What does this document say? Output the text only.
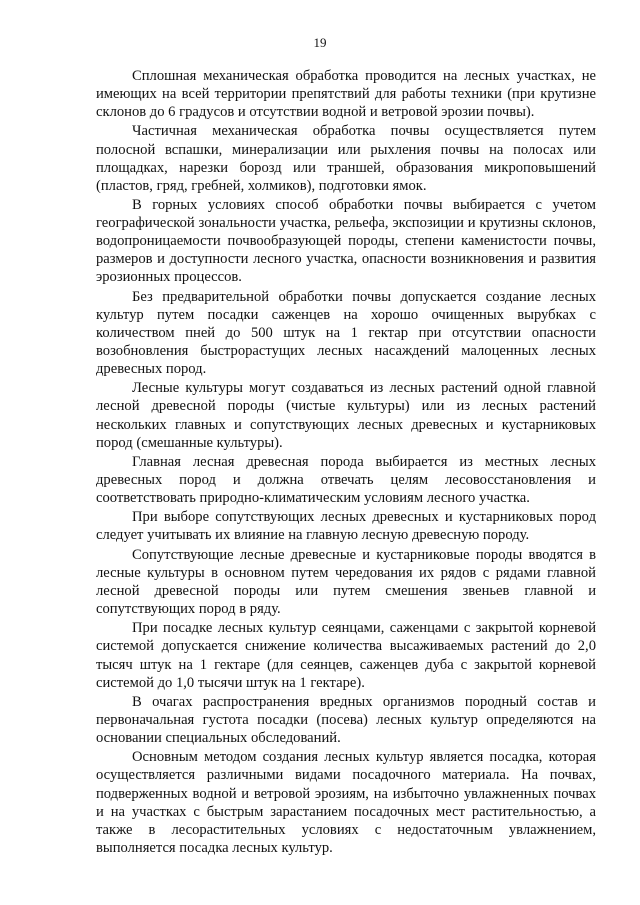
19

Сплошная механическая обработка проводится на лесных участках, не имеющих на всей территории препятствий для работы техники (при крутизне склонов до 6 градусов и отсутствии водной и ветровой эрозии почвы).

Частичная механическая обработка почвы осуществляется путем полосной вспашки, минерализации или рыхления почвы на полосах или площадках, нарезки борозд или траншей, образования микроповышений (пластов, гряд, гребней, холмиков), подготовки ямок.

В горных условиях способ обработки почвы выбирается с учетом географической зональности участка, рельефа, экспозиции и крутизны склонов, водопроницаемости почвообразующей породы, степени каменистости почвы, размеров и доступности лесного участка, опасности возникновения и развития эрозионных процессов.

Без предварительной обработки почвы допускается создание лесных культур путем посадки саженцев на хорошо очищенных вырубках с количеством пней до 500 штук на 1 гектар при отсутствии опасности возобновления быстрорастущих лесных насаждений малоценных лесных древесных пород.

Лесные культуры могут создаваться из лесных растений одной главной лесной древесной породы (чистые культуры) или из лесных растений нескольких главных и сопутствующих лесных древесных и кустарниковых пород (смешанные культуры).

Главная лесная древесная порода выбирается из местных лесных древесных пород и должна отвечать целям лесовосстановления и соответствовать природно-климатическим условиям лесного участка.

При выборе сопутствующих лесных древесных и кустарниковых пород следует учитывать их влияние на главную лесную древесную породу.

Сопутствующие лесные древесные и кустарниковые породы вводятся в лесные культуры в основном путем чередования их рядов с рядами главной лесной древесной породы или путем смешения звеньев главной и сопутствующих пород в ряду.

При посадке лесных культур сеянцами, саженцами с закрытой корневой системой допускается снижение количества высаживаемых растений до 2,0 тысяч штук на 1 гектаре (для сеянцев, саженцев дуба с закрытой корневой системой до 1,0 тысячи штук на 1 гектаре).

В очагах распространения вредных организмов породный состав и первоначальная густота посадки (посева) лесных культур определяются на основании специальных обследований.

Основным методом создания лесных культур является посадка, которая осуществляется различными видами посадочного материала. На почвах, подверженных водной и ветровой эрозиям, на избыточно увлажненных почвах и на участках с быстрым зарастанием посадочных мест растительностью, а также в лесорастительных условиях с недостаточным увлажнением, выполняется посадка лесных культур.
